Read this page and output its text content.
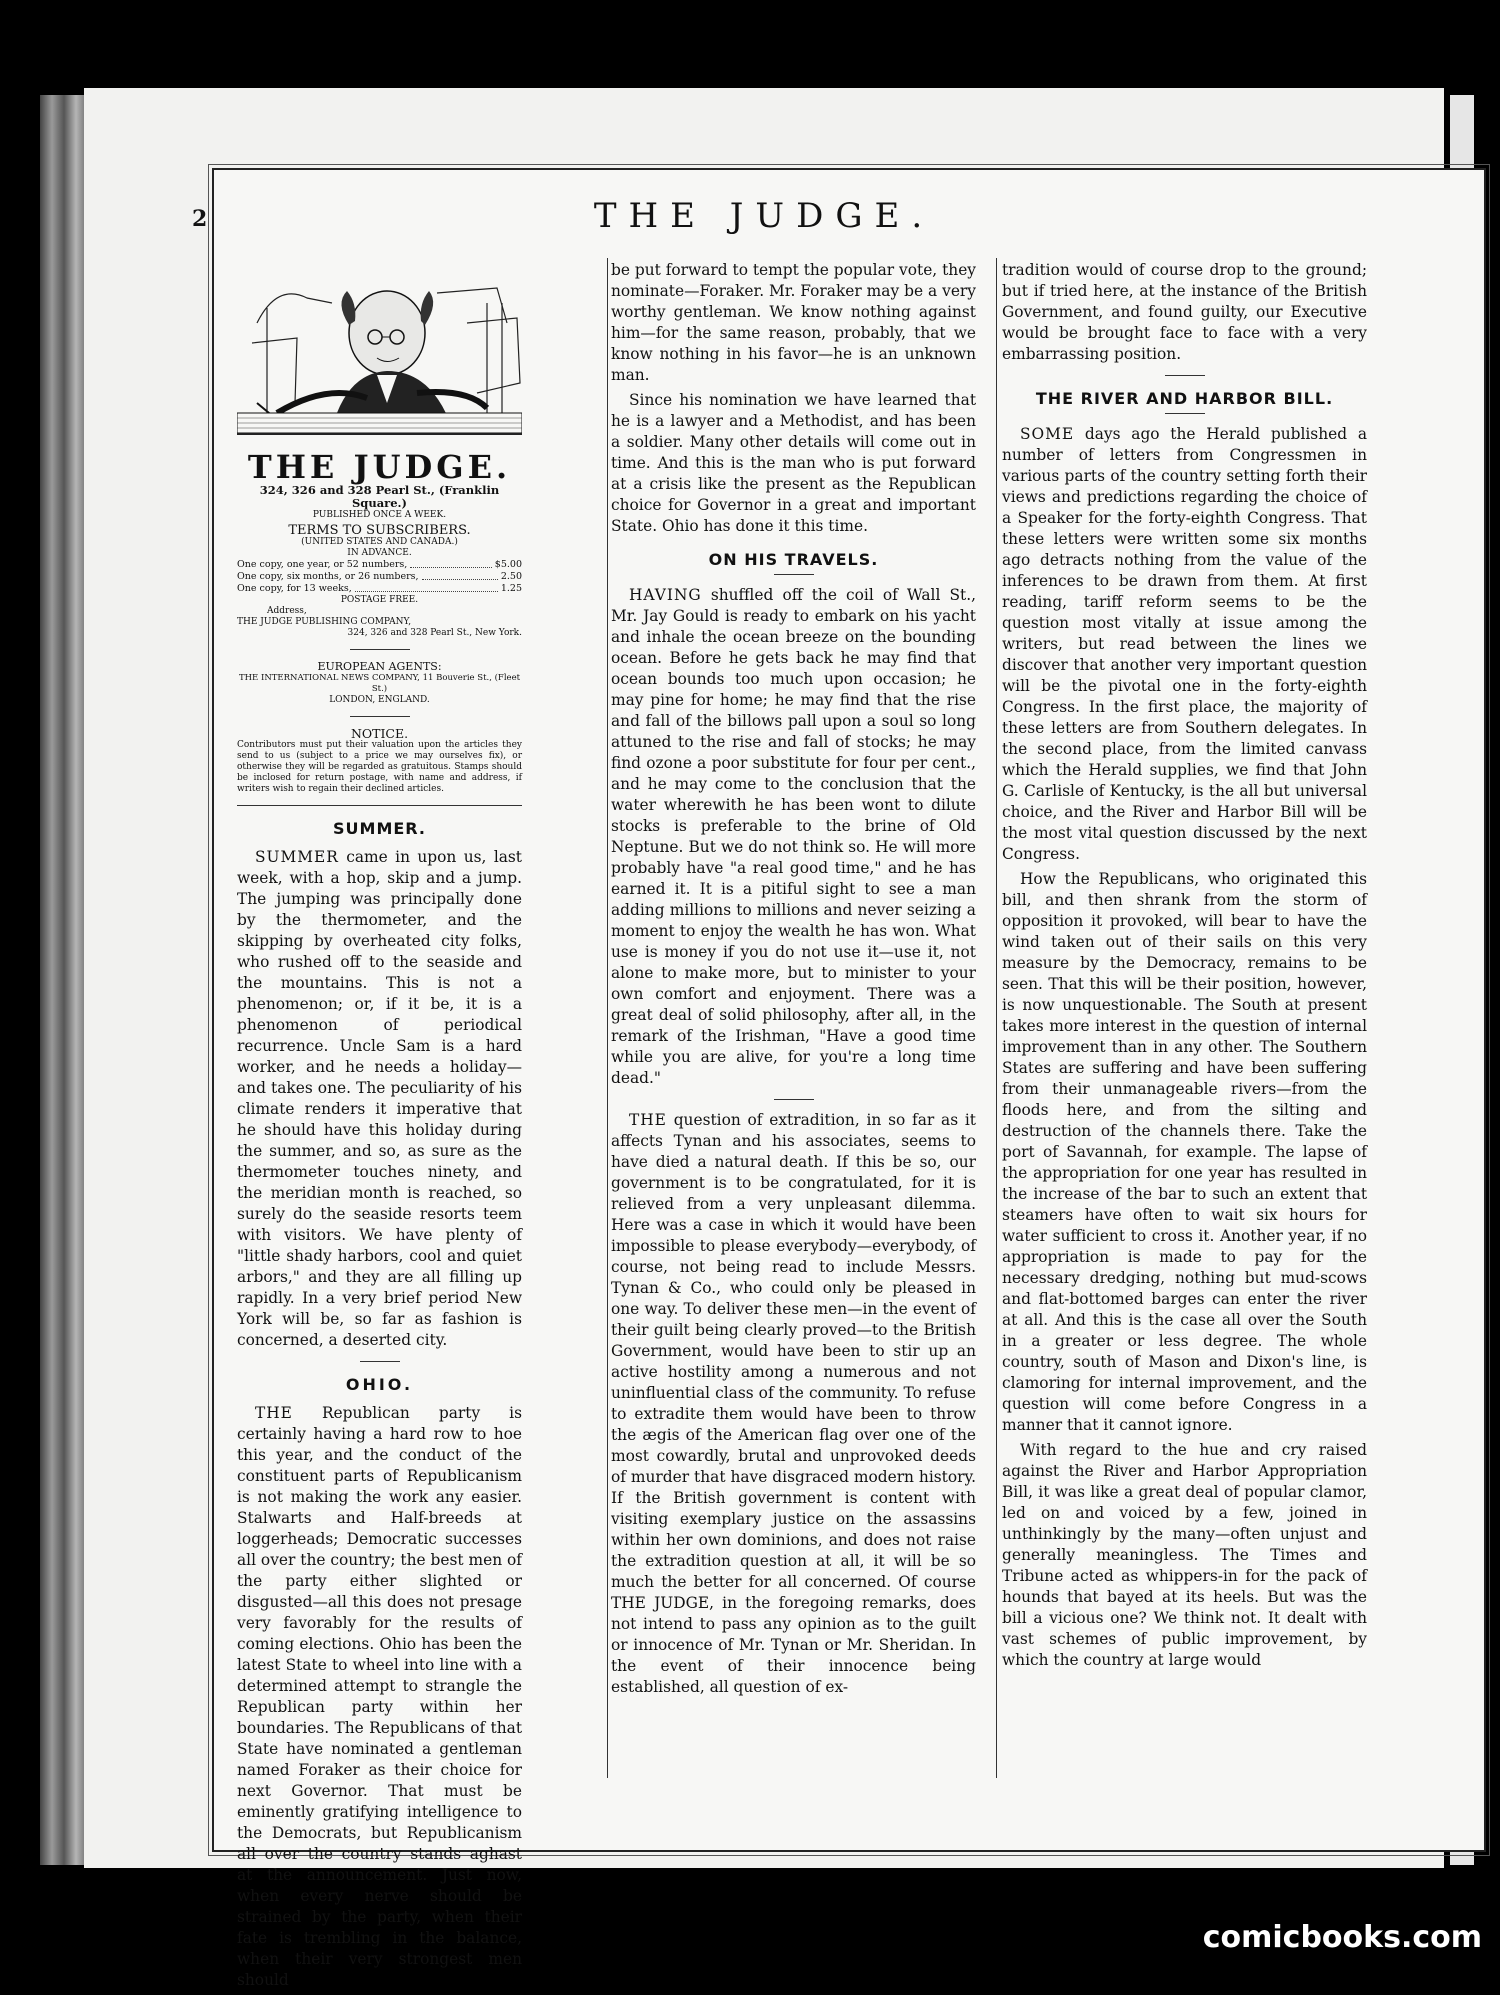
2	THE JUDGE.
THE JUDGE.
324, 326 and 328 Pearl St., (Franklin Square.)
PUBLISHED ONCE A WEEK.
TERMS TO SUBSCRIBERS.
(UNITED STATES AND CANADA.)
IN ADVANCE.
One copy, one year, or 52 numbers,	$5.00
One copy, six months, or 26 numbers,	2.50
One copy, for 13 weeks,	1.25
POSTAGE FREE.
Address,
THE JUDGE PUBLISHING COMPANY,
324, 326 and 328 Pearl St., New York.
EUROPEAN AGENTS:
THE INTERNATIONAL NEWS COMPANY, 11 Bouverie St., (Fleet St.)
LONDON, ENGLAND.
NOTICE.
Contributors must put their valuation upon the articles they send to us (subject to a price we may ourselves fix), or otherwise they will be regarded as gratuitous. Stamps should be inclosed for return postage, with name and address, if writers wish to regain their declined articles.
SUMMER.

SUMMER came in upon us, last week, with a hop, skip and a jump. The jumping was principally done by the thermometer, and the skipping by overheated city folks, who rushed off to the seaside and the mountains. This is not a phenomenon; or, if it be, it is a phenomenon of periodical recurrence. Uncle Sam is a hard worker, and he needs a holiday—and takes one. The peculiarity of his climate renders it imperative that he should have this holiday during the summer, and so, as sure as the thermometer touches ninety, and the meridian month is reached, so surely do the seaside resorts teem with visitors. We have plenty of "little shady harbors, cool and quiet arbors," and they are all filling up rapidly. In a very brief period New York will be, so far as fashion is concerned, a deserted city.

OHIO.

THE Republican party is certainly having a hard row to hoe this year, and the conduct of the constituent parts of Republicanism is not making the work any easier. Stalwarts and Half-breeds at loggerheads; Democratic successes all over the country; the best men of the party either slighted or disgusted—all this does not presage very favorably for the results of coming elections. Ohio has been the latest State to wheel into line with a determined attempt to strangle the Republican party within her boundaries. The Republicans of that State have nominated a gentleman named Foraker as their choice for next Governor. That must be eminently gratifying intelligence to the Democrats, but Republicanism all over the country stands aghast at the announcement. Just now, when every nerve should be strained by the party, when their fate is trembling in the balance, when their very strongest men should

be put forward to tempt the popular vote, they nominate—Foraker. Mr. Foraker may be a very worthy gentleman. We know nothing against him—for the same reason, probably, that we know nothing in his favor—he is an unknown man.

Since his nomination we have learned that he is a lawyer and a Methodist, and has been a soldier. Many other details will come out in time. And this is the man who is put forward at a crisis like the present as the Republican choice for Governor in a great and important State. Ohio has done it this time.

ON HIS TRAVELS.

HAVING shuffled off the coil of Wall St., Mr. Jay Gould is ready to embark on his yacht and inhale the ocean breeze on the bounding ocean. Before he gets back he may find that ocean bounds too much upon occasion; he may pine for home; he may find that the rise and fall of the billows pall upon a soul so long attuned to the rise and fall of stocks; he may find ozone a poor substitute for four per cent., and he may come to the conclusion that the water wherewith he has been wont to dilute stocks is preferable to the brine of Old Neptune. But we do not think so. He will more probably have "a real good time," and he has earned it. It is a pitiful sight to see a man adding millions to millions and never seizing a moment to enjoy the wealth he has won. What use is money if you do not use it—use it, not alone to make more, but to minister to your own comfort and enjoyment. There was a great deal of solid philosophy, after all, in the remark of the Irishman, "Have a good time while you are alive, for you're a long time dead."

THE question of extradition, in so far as it affects Tynan and his associates, seems to have died a natural death. If this be so, our government is to be congratulated, for it is relieved from a very unpleasant dilemma. Here was a case in which it would have been impossible to please everybody—everybody, of course, not being read to include Messrs. Tynan & Co., who could only be pleased in one way. To deliver these men—in the event of their guilt being clearly proved—to the British Government, would have been to stir up an active hostility among a numerous and not uninfluential class of the community. To refuse to extradite them would have been to throw the ægis of the American flag over one of the most cowardly, brutal and unprovoked deeds of murder that have disgraced modern history. If the British government is content with visiting exemplary justice on the assassins within her own dominions, and does not raise the extradition question at all, it will be so much the better for all concerned. Of course THE JUDGE, in the foregoing remarks, does not intend to pass any opinion as to the guilt or innocence of Mr. Tynan or Mr. Sheridan. In the event of their innocence being established, all question of ex-

tradition would of course drop to the ground; but if tried here, at the instance of the British Government, and found guilty, our Executive would be brought face to face with a very embarrassing position.

THE RIVER AND HARBOR BILL.

SOME days ago the Herald published a number of letters from Congressmen in various parts of the country setting forth their views and predictions regarding the choice of a Speaker for the forty-eighth Congress. That these letters were written some six months ago detracts nothing from the value of the inferences to be drawn from them. At first reading, tariff reform seems to be the question most vitally at issue among the writers, but read between the lines we discover that another very important question will be the pivotal one in the forty-eighth Congress. In the first place, the majority of these letters are from Southern delegates. In the second place, from the limited canvass which the Herald supplies, we find that John G. Carlisle of Kentucky, is the all but universal choice, and the River and Harbor Bill will be the most vital question discussed by the next Congress.

How the Republicans, who originated this bill, and then shrank from the storm of opposition it provoked, will bear to have the wind taken out of their sails on this very measure by the Democracy, remains to be seen. That this will be their position, however, is now unquestionable. The South at present takes more interest in the question of internal improvement than in any other. The Southern States are suffering and have been suffering from their unmanageable rivers—from the floods here, and from the silting and destruction of the channels there. Take the port of Savannah, for example. The lapse of the appropriation for one year has resulted in the increase of the bar to such an extent that steamers have often to wait six hours for water sufficient to cross it. Another year, if no appropriation is made to pay for the necessary dredging, nothing but mud-scows and flat-bottomed barges can enter the river at all. And this is the case all over the South in a greater or less degree. The whole country, south of Mason and Dixon's line, is clamoring for internal improvement, and the question will come before Congress in a manner that it cannot ignore.

With regard to the hue and cry raised against the River and Harbor Appropriation Bill, it was like a great deal of popular clamor, led on and voiced by a few, joined in unthinkingly by the many—often unjust and generally meaningless. The Times and Tribune acted as whippers-in for the pack of hounds that bayed at its heels. But was the bill a vicious one? We think not. It dealt with vast schemes of public improvement, by which the country at large would

comicbooks.com
